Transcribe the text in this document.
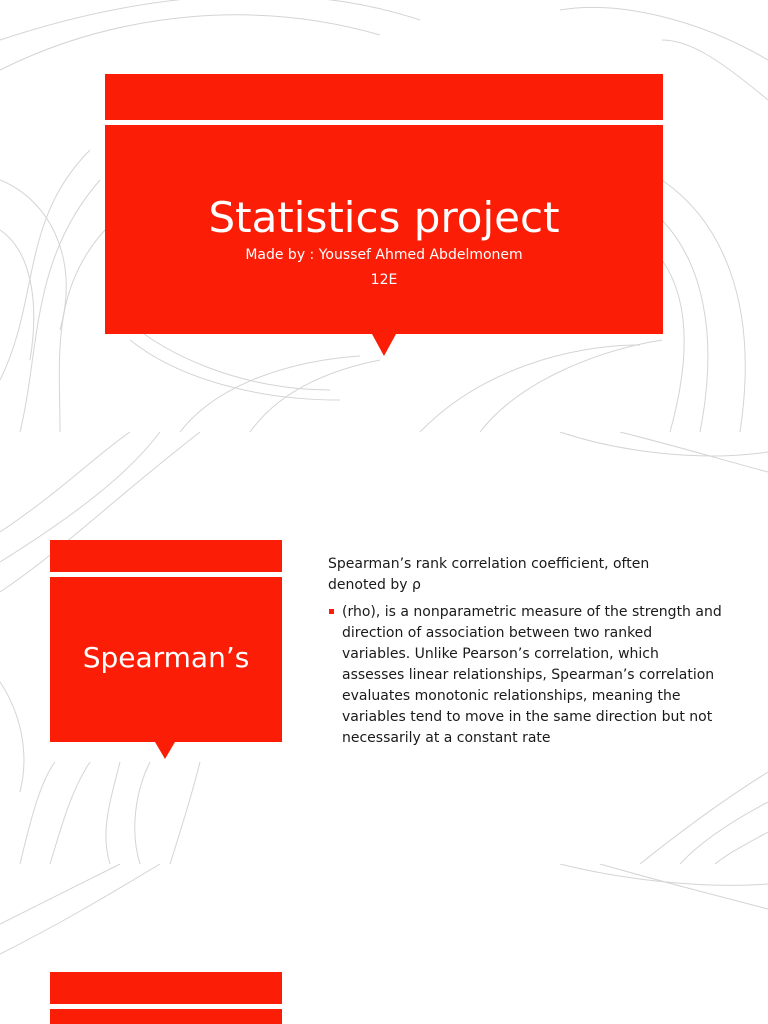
Statistics project
Made by : Youssef Ahmed Abdelmonem
12E
Spearman’s
Spearman’s rank correlation coefficient, often denoted by ρ
(rho), is a nonparametric measure of the strength and direction of association between two ranked variables. Unlike Pearson’s correlation, which assesses linear relationships, Spearman’s correlation evaluates monotonic relationships, meaning the variables tend to move in the same direction but not necessarily at a constant rate
